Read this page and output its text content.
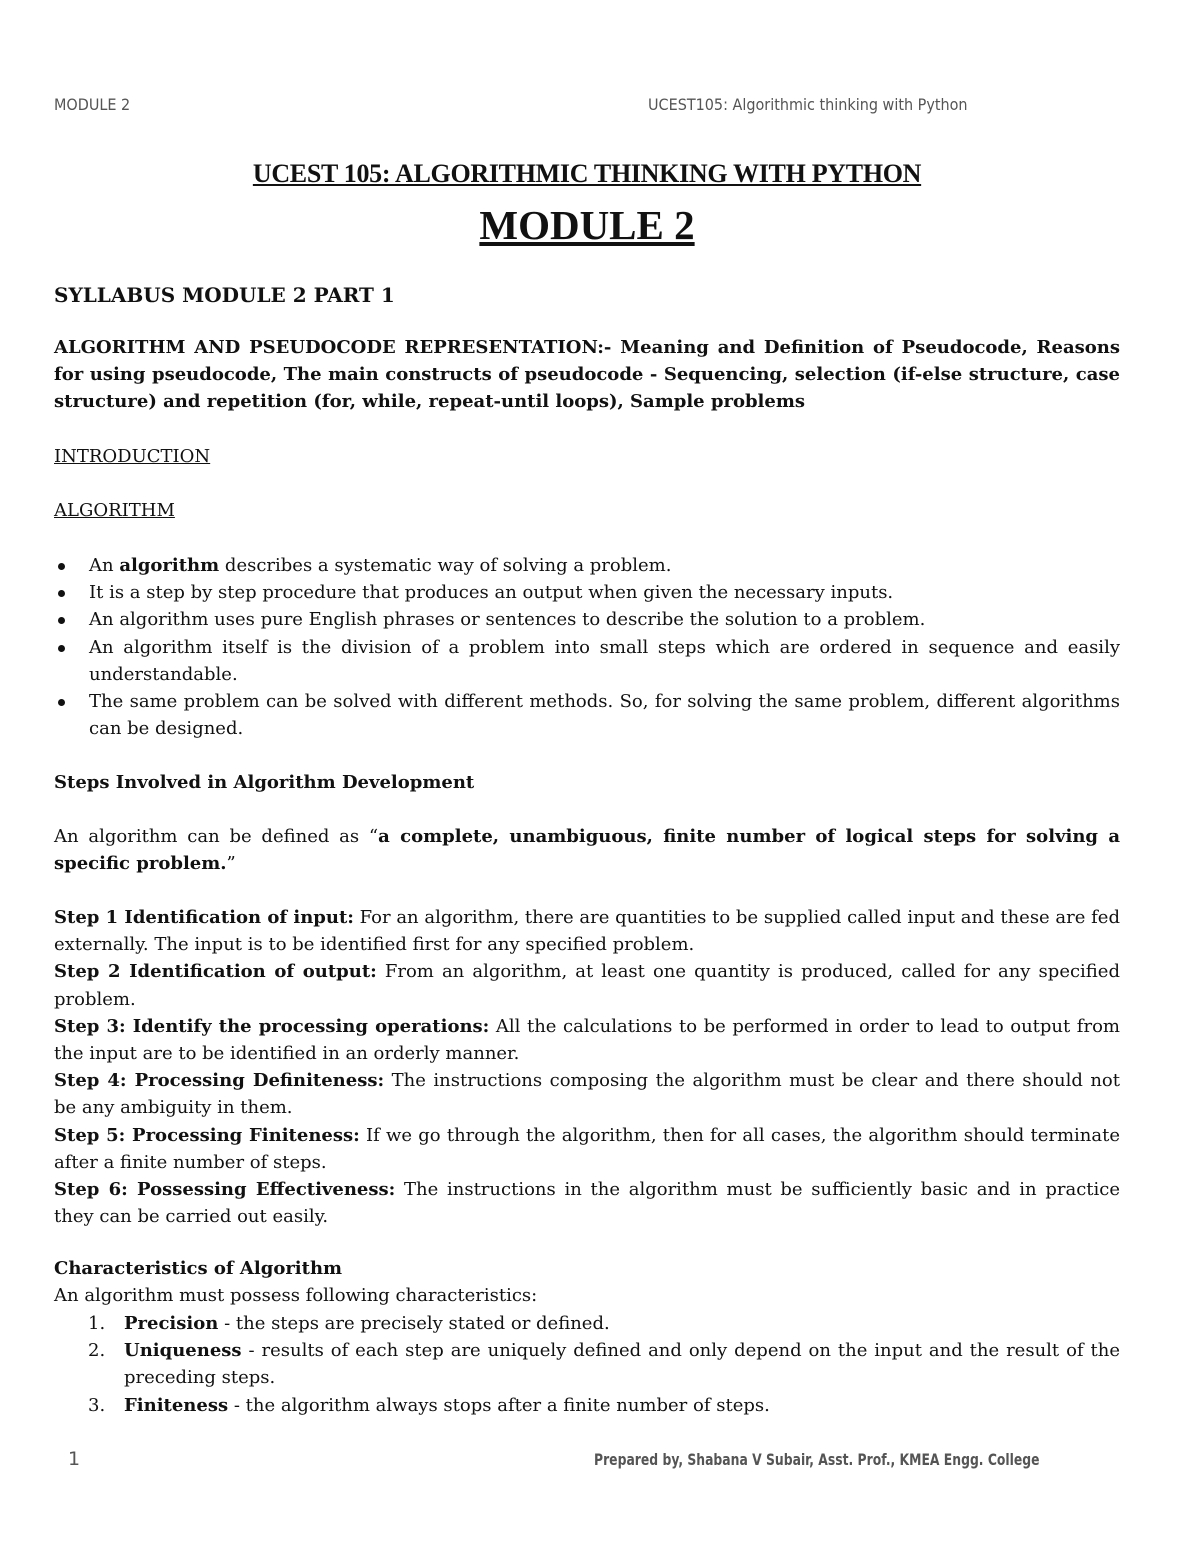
MODULE 2	UCEST105: Algorithmic thinking with Python
UCEST 105: ALGORITHMIC THINKING WITH PYTHON
MODULE 2
SYLLABUS MODULE 2 PART 1
ALGORITHM AND PSEUDOCODE REPRESENTATION:- Meaning and Definition of Pseudocode, Reasons for using pseudocode, The main constructs of pseudocode - Sequencing, selection (if-else structure, case structure) and repetition (for, while, repeat-until loops), Sample problems
INTRODUCTION
ALGORITHM
An algorithm describes a systematic way of solving a problem.
It is a step by step procedure that produces an output when given the necessary inputs.
An algorithm uses pure English phrases or sentences to describe the solution to a problem.
An algorithm itself is the division of a problem into small steps which are ordered in sequence and easily understandable.
The same problem can be solved with different methods. So, for solving the same problem, different algorithms can be designed.
Steps Involved in Algorithm Development

An algorithm can be defined as “a complete, unambiguous, finite number of logical steps for solving a specific problem.”

Step 1 Identification of input: For an algorithm, there are quantities to be supplied called input and these are fed externally. The input is to be identified first for any specified problem.

Step 2 Identification of output: From an algorithm, at least one quantity is produced, called for any specified problem.

Step 3: Identify the processing operations: All the calculations to be performed in order to lead to output from the input are to be identified in an orderly manner.

Step 4: Processing Definiteness: The instructions composing the algorithm must be clear and there should not be any ambiguity in them.

Step 5: Processing Finiteness: If we go through the algorithm, then for all cases, the algorithm should terminate after a finite number of steps.

Step 6: Possessing Effectiveness: The instructions in the algorithm must be sufficiently basic and in practice they can be carried out easily.

Characteristics of Algorithm
An algorithm must possess following characteristics:
1. Precision - the steps are precisely stated or defined.
2. Uniqueness - results of each step are uniquely defined and only depend on the input and the result of the preceding steps.
3. Finiteness - the algorithm always stops after a finite number of steps.
1	Prepared by, Shabana V Subair, Asst. Prof., KMEA Engg. College
